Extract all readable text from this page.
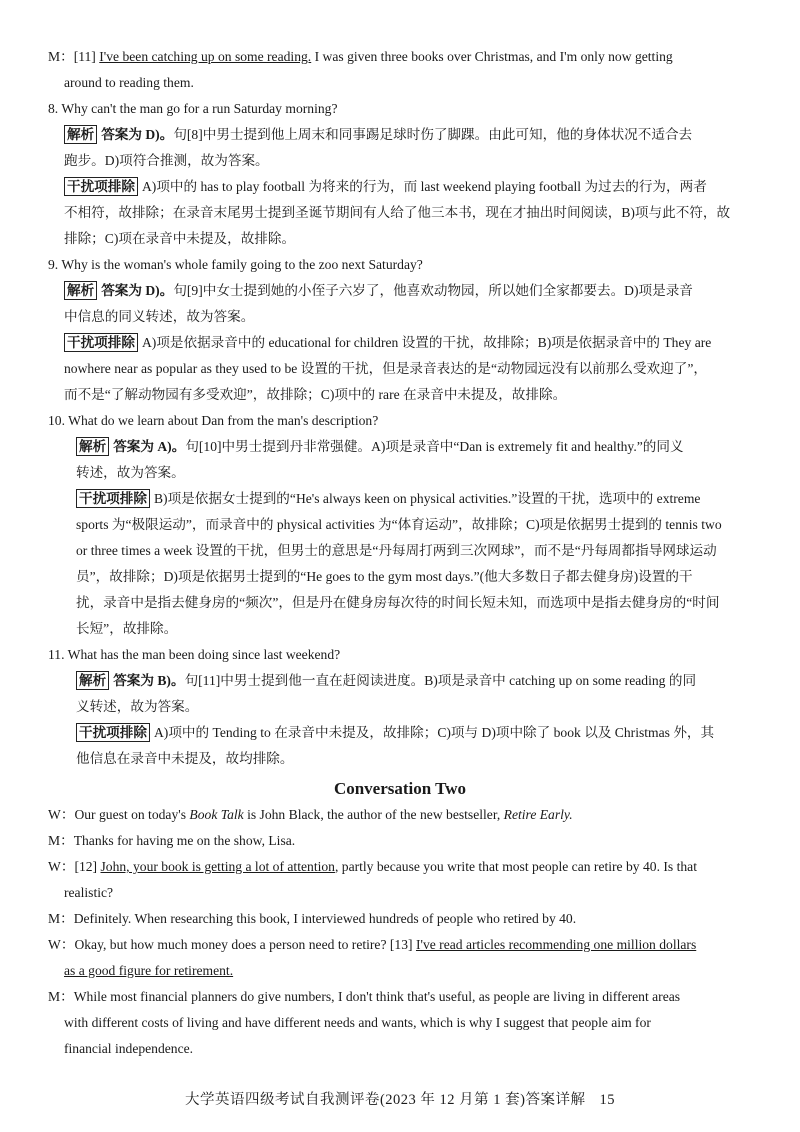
M：[11] I've been catching up on some reading. I was given three books over Christmas, and I'm only now getting

around to reading them.

8. Why can't the man go for a run Saturday morning?

解析 答案为 D)。句[8]中男士提到他上周末和同事踢足球时伤了脚踝。由此可知，他的身体状况不适合去

跑步。D)项符合推测，故为答案。

干扰项排除 A)项中的 has to play football 为将来的行为，而 last weekend playing football 为过去的行为，两者

不相符，故排除；在录音末尾男士提到圣诞节期间有人给了他三本书，现在才抽出时间阅读，B)项与此不符，故

排除；C)项在录音中未提及，故排除。

9. Why is the woman's whole family going to the zoo next Saturday?

解析 答案为 D)。句[9]中女士提到她的小侄子六岁了，他喜欢动物园，所以她们全家都要去。D)项是录音

中信息的同义转述，故为答案。

干扰项排除 A)项是依据录音中的 educational for children 设置的干扰，故排除；B)项是依据录音中的 They are

nowhere near as popular as they used to be 设置的干扰，但是录音表达的是“动物园远没有以前那么受欢迎了”，

而不是“了解动物园有多受欢迎”，故排除；C)项中的 rare 在录音中未提及，故排除。

10. What do we learn about Dan from the man's description?

解析 答案为 A)。句[10]中男士提到丹非常强健。A)项是录音中“Dan is extremely fit and healthy.”的同义

转述，故为答案。

干扰项排除 B)项是依据女士提到的“He's always keen on physical activities.”设置的干扰，选项中的 extreme

sports 为“极限运动”，而录音中的 physical activities 为“体育运动”，故排除；C)项是依据男士提到的 tennis two

or three times a week 设置的干扰，但男士的意思是“丹每周打两到三次网球”，而不是“丹每周都指导网球运动

员”，故排除；D)项是依据男士提到的“He goes to the gym most days.”(他大多数日子都去健身房)设置的干

扰，录音中是指去健身房的“频次”，但是丹在健身房每次待的时间长短未知，而选项中是指去健身房的“时间

长短”，故排除。

11. What has the man been doing since last weekend?

解析 答案为 B)。句[11]中男士提到他一直在赶阅读进度。B)项是录音中 catching up on some reading 的同

义转述，故为答案。

干扰项排除 A)项中的 Tending to 在录音中未提及，故排除；C)项与 D)项中除了 book 以及 Christmas 外，其

他信息在录音中未提及，故均排除。

Conversation Two

W：Our guest on today's Book Talk is John Black, the author of the new bestseller, Retire Early.

M：Thanks for having me on the show, Lisa.

W：[12] John, your book is getting a lot of attention, partly because you write that most people can retire by 40. Is that

realistic?

M：Definitely. When researching this book, I interviewed hundreds of people who retired by 40.

W：Okay, but how much money does a person need to retire? [13] I've read articles recommending one million dollars

as a good figure for retirement.

M：While most financial planners do give numbers, I don't think that's useful, as people are living in different areas

with different costs of living and have different needs and wants, which is why I suggest that people aim for

financial independence.

大学英语四级考试自我测评卷(2023 年 12 月第 1 套)答案详解 15
